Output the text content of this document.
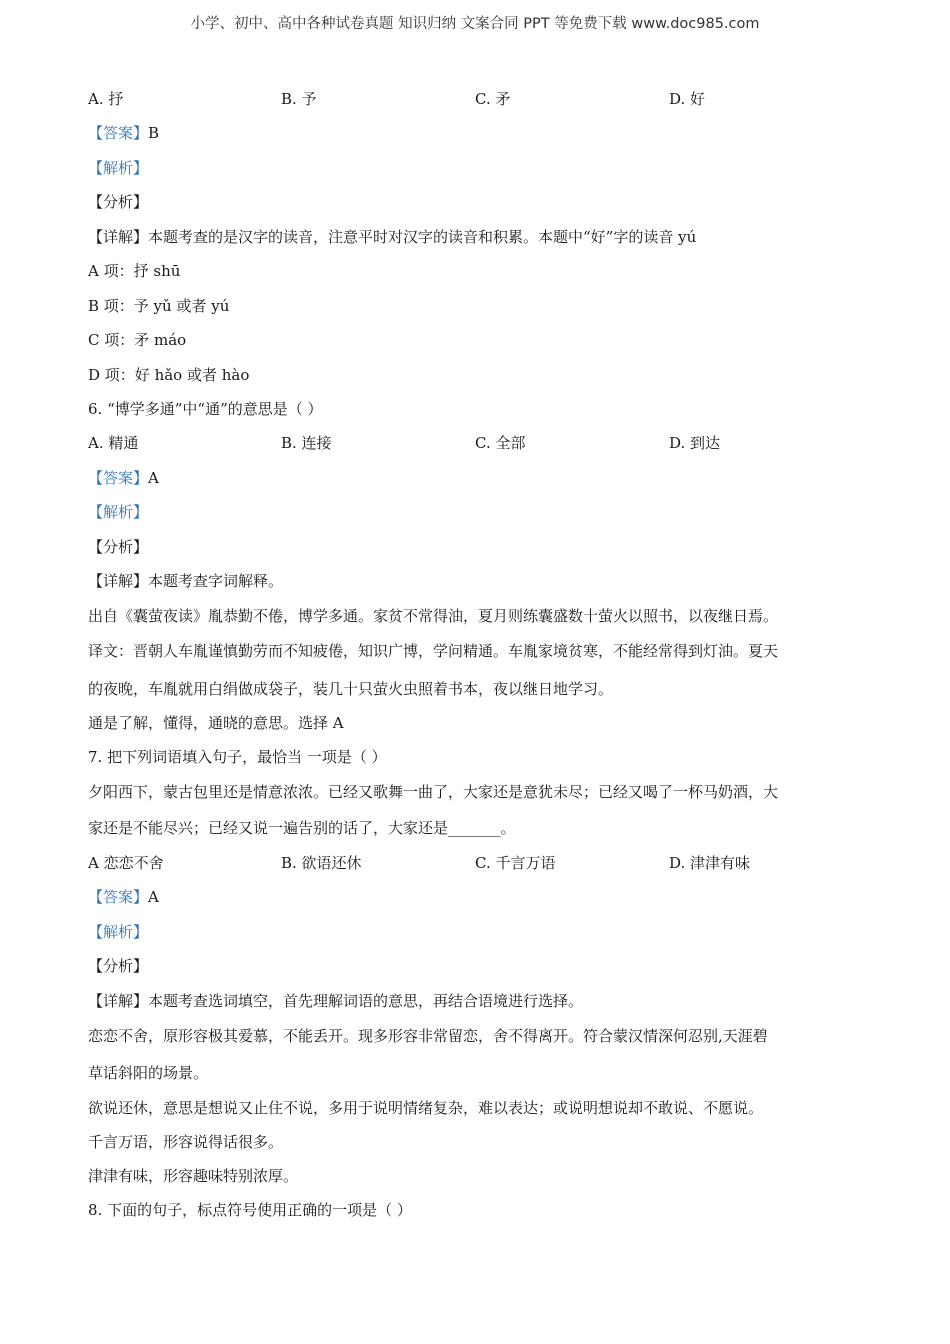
小学、初中、高中各种试卷真题 知识归纳 文案合同 PPT 等免费下载 www.doc985.com
A. 抒	B. 予	C. 矛	D. 好
【答案】B
【解析】
【分析】
【详解】本题考查的是汉字的读音，注意平时对汉字的读音和积累。本题中“好”字的读音 yú
A 项：抒 shū
B 项：予 yǔ 或者 yú
C 项：矛 máo
D 项：好 hǎo 或者 hào
6. “博学多通”中“通”的意思是（ ）
A. 精通	B. 连接	C. 全部	D. 到达
【答案】A
【解析】
【分析】
【详解】本题考查字词解释。
出自《囊萤夜读》胤恭勤不倦，博学多通。家贫不常得油，夏月则练囊盛数十萤火以照书，以夜继日焉。
译文：晋朝人车胤谨慎勤劳而不知疲倦，知识广博，学问精通。车胤家境贫寒，不能经常得到灯油。夏天
的夜晚，车胤就用白绢做成袋子，装几十只萤火虫照着书本，夜以继日地学习。
通是了解，懂得，通晓的意思。选择 A
7. 把下列词语填入句子，最恰当 一项是（ ）
夕阳西下，蒙古包里还是情意浓浓。已经又歌舞一曲了，大家还是意犹未尽；已经又喝了一杯马奶酒，大
家还是不能尽兴；已经又说一遍告别的话了，大家还是_______。
A 恋恋不舍	B. 欲语还休	C. 千言万语	D. 津津有味
【答案】A
【解析】
【分析】
【详解】本题考查选词填空，首先理解词语的意思，再结合语境进行选择。
恋恋不舍，原形容极其爱慕，不能丢开。现多形容非常留恋，舍不得离开。符合蒙汉情深何忍别,天涯碧
草话斜阳的场景。
欲说还休，意思是想说又止住不说，多用于说明情绪复杂，难以表达；或说明想说却不敢说、不愿说。
千言万语，形容说得话很多。
津津有味，形容趣味特别浓厚。
8. 下面的句子，标点符号使用正确的一项是（ ）
